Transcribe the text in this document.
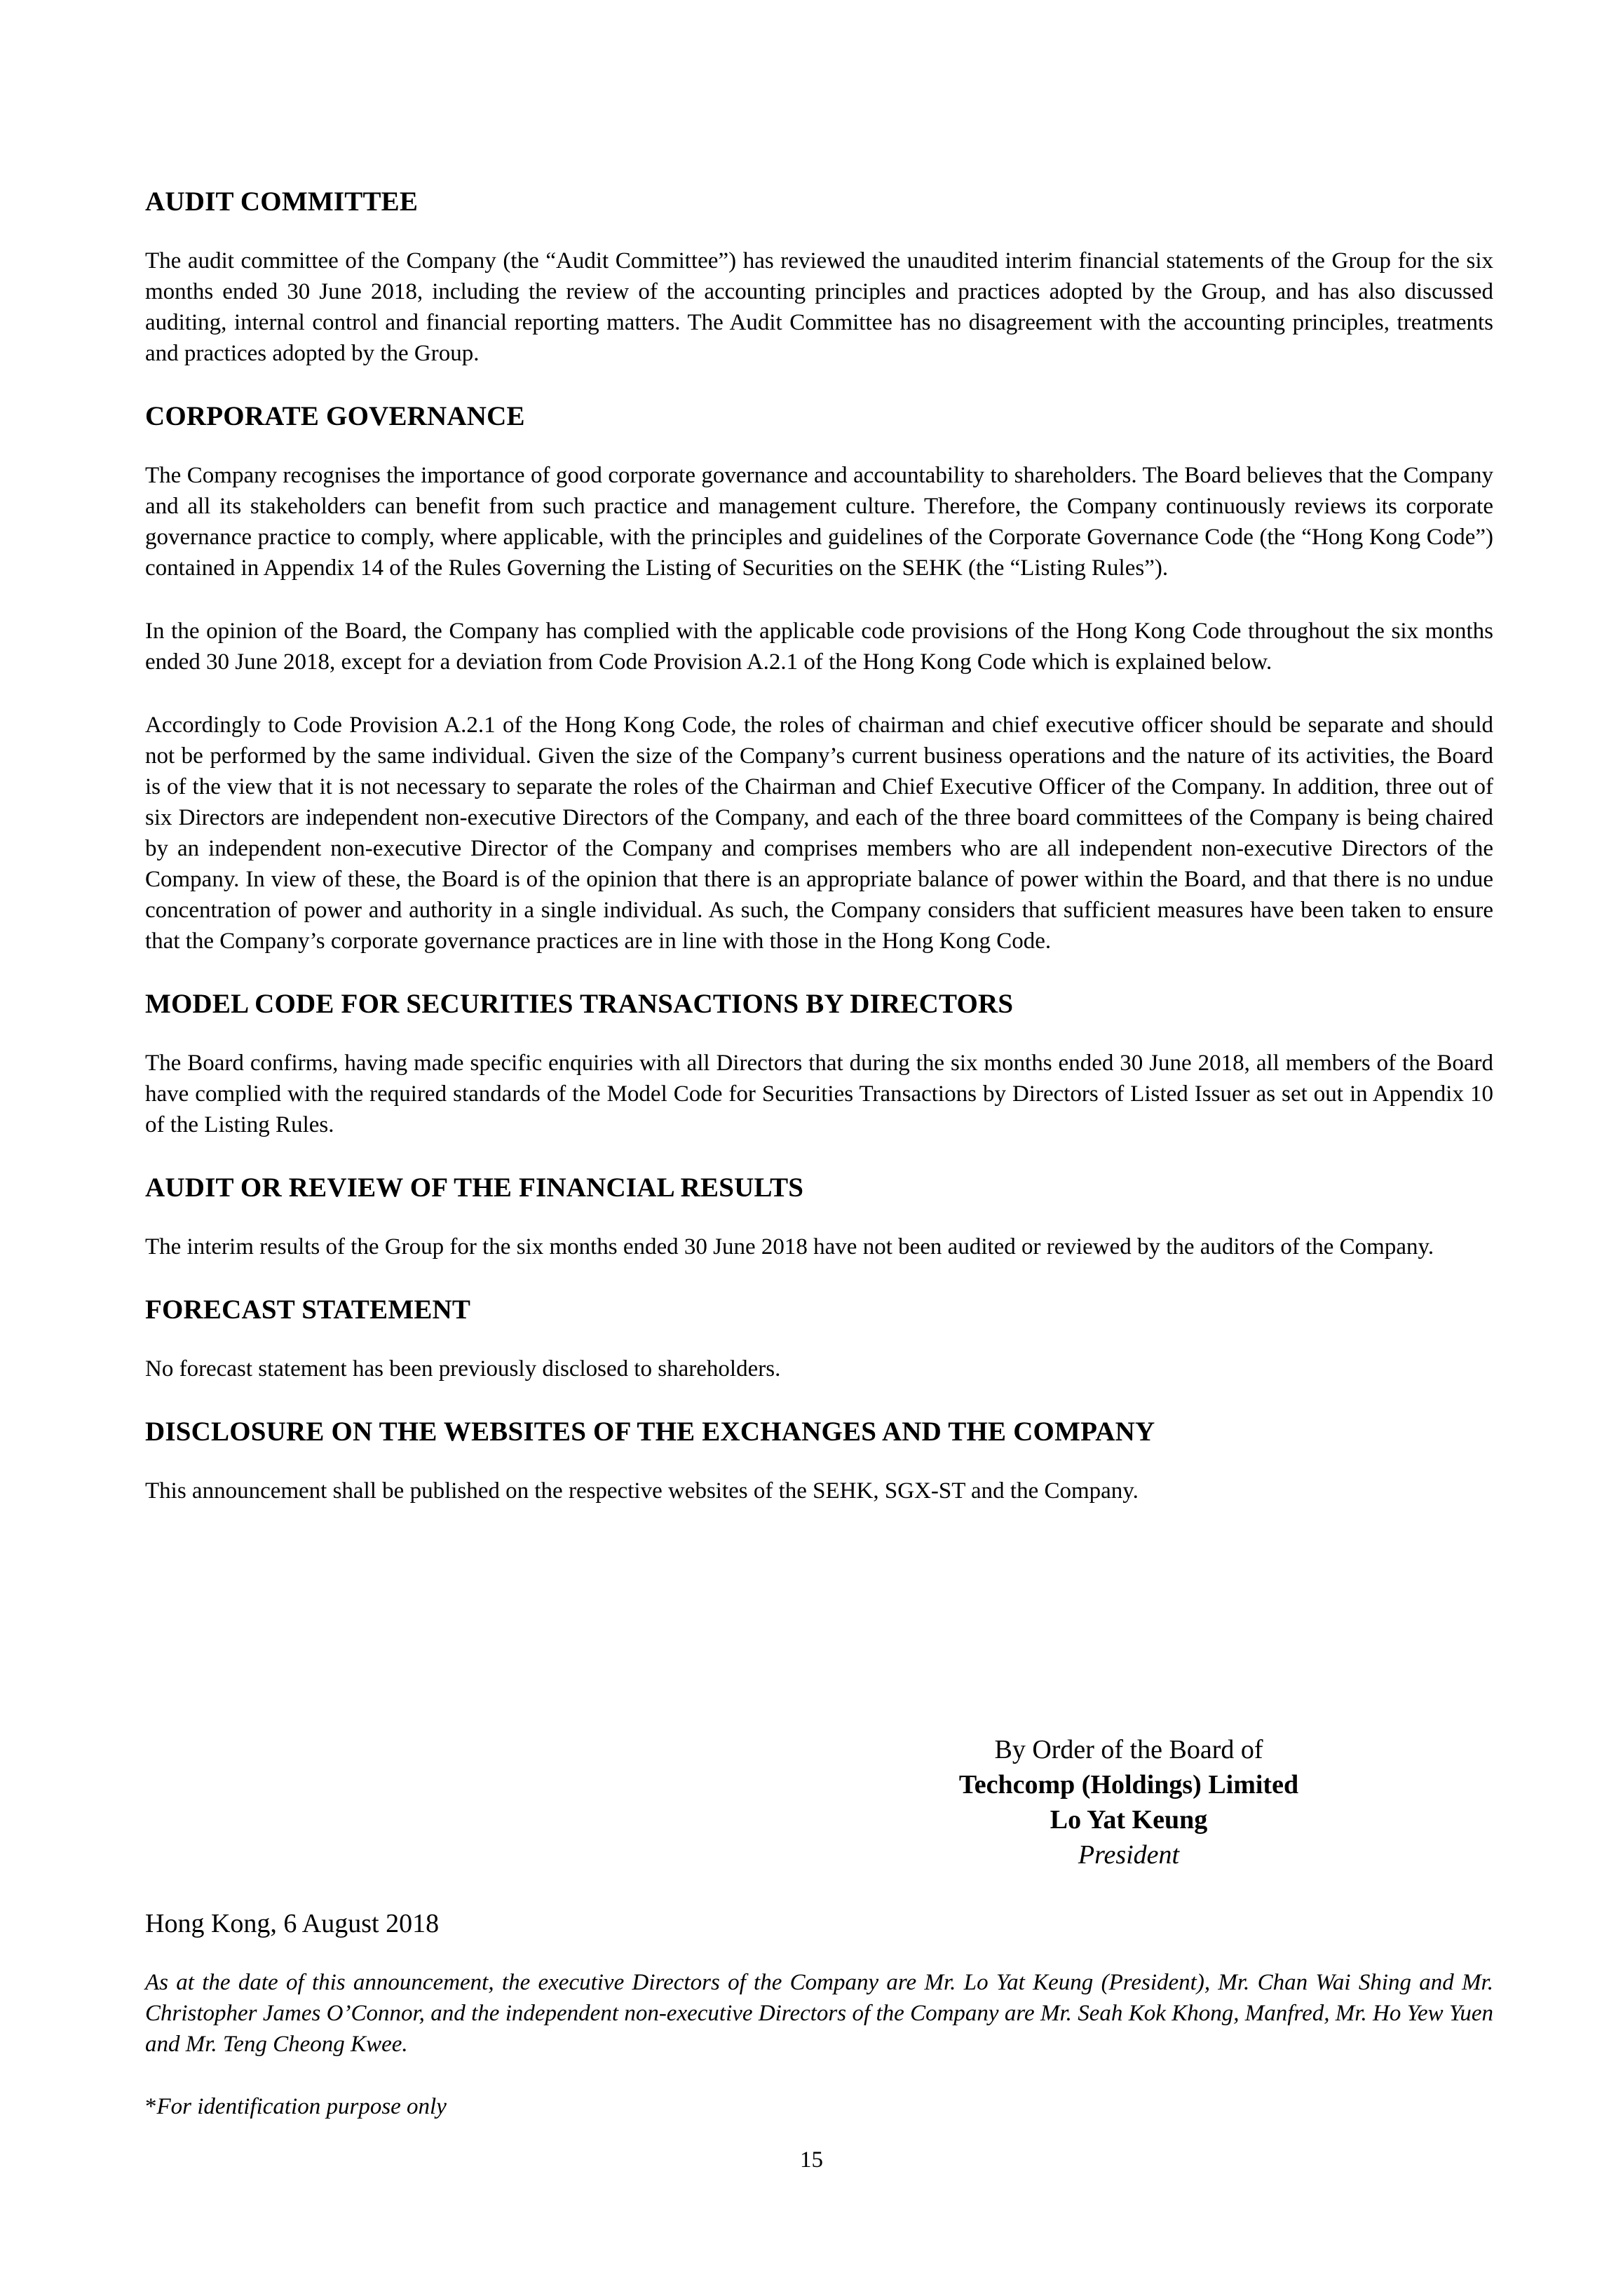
AUDIT COMMITTEE

The audit committee of the Company (the “Audit Committee”) has reviewed the unaudited interim financial statements of the Group for the six months ended 30 June 2018, including the review of the accounting principles and practices adopted by the Group, and has also discussed auditing, internal control and financial reporting matters. The Audit Committee has no disagreement with the accounting principles, treatments and practices adopted by the Group.

CORPORATE GOVERNANCE

The Company recognises the importance of good corporate governance and accountability to shareholders. The Board believes that the Company and all its stakeholders can benefit from such practice and management culture. Therefore, the Company continuously reviews its corporate governance practice to comply, where applicable, with the principles and guidelines of the Corporate Governance Code (the “Hong Kong Code”) contained in Appendix 14 of the Rules Governing the Listing of Securities on the SEHK (the “Listing Rules”).

In the opinion of the Board, the Company has complied with the applicable code provisions of the Hong Kong Code throughout the six months ended 30 June 2018, except for a deviation from Code Provision A.2.1 of the Hong Kong Code which is explained below.

Accordingly to Code Provision A.2.1 of the Hong Kong Code, the roles of chairman and chief executive officer should be separate and should not be performed by the same individual. Given the size of the Company’s current business operations and the nature of its activities, the Board is of the view that it is not necessary to separate the roles of the Chairman and Chief Executive Officer of the Company. In addition, three out of six Directors are independent non-executive Directors of the Company, and each of the three board committees of the Company is being chaired by an independent non-executive Director of the Company and comprises members who are all independent non-executive Directors of the Company. In view of these, the Board is of the opinion that there is an appropriate balance of power within the Board, and that there is no undue concentration of power and authority in a single individual. As such, the Company considers that sufficient measures have been taken to ensure that the Company’s corporate governance practices are in line with those in the Hong Kong Code.

MODEL CODE FOR SECURITIES TRANSACTIONS BY DIRECTORS

The Board confirms, having made specific enquiries with all Directors that during the six months ended 30 June 2018, all members of the Board have complied with the required standards of the Model Code for Securities Transactions by Directors of Listed Issuer as set out in Appendix 10 of the Listing Rules.

AUDIT OR REVIEW OF THE FINANCIAL RESULTS

The interim results of the Group for the six months ended 30 June 2018 have not been audited or reviewed by the auditors of the Company.

FORECAST STATEMENT

No forecast statement has been previously disclosed to shareholders.

DISCLOSURE ON THE WEBSITES OF THE EXCHANGES AND THE COMPANY

This announcement shall be published on the respective websites of the SEHK, SGX-ST and the Company.

By Order of the Board of
Techcomp (Holdings) Limited
Lo Yat Keung
President
Hong Kong, 6 August 2018
As at the date of this announcement, the executive Directors of the Company are Mr. Lo Yat Keung (President), Mr. Chan Wai Shing and Mr. Christopher James O’Connor, and the independent non-executive Directors of the Company are Mr. Seah Kok Khong, Manfred, Mr. Ho Yew Yuen and Mr. Teng Cheong Kwee.
*For identification purpose only
15
